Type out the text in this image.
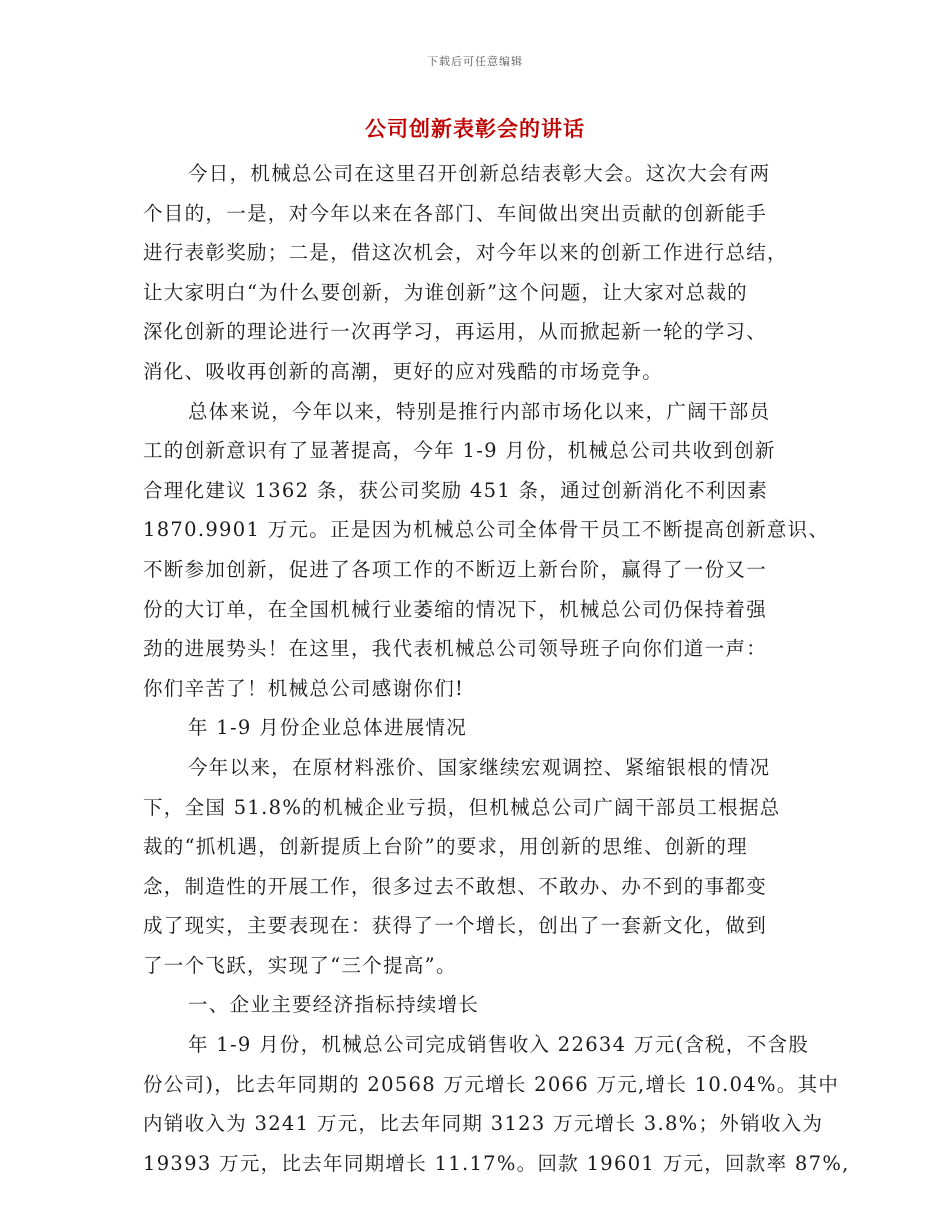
下载后可任意编辑
公司创新表彰会的讲话
今日，机械总公司在这里召开创新总结表彰大会。这次大会有两
个目的，一是，对今年以来在各部门、车间做出突出贡献的创新能手
进行表彰奖励；二是，借这次机会，对今年以来的创新工作进行总结，
让大家明白“为什么要创新，为谁创新”这个问题，让大家对总裁的
深化创新的理论进行一次再学习，再运用，从而掀起新一轮的学习、
消化、吸收再创新的高潮，更好的应对残酷的市场竞争。
总体来说，今年以来，特别是推行内部市场化以来，广阔干部员
工的创新意识有了显著提高，今年 1-9 月份，机械总公司共收到创新
合理化建议 1362 条，获公司奖励 451 条，通过创新消化不利因素
1870.9901 万元。正是因为机械总公司全体骨干员工不断提高创新意识、
不断参加创新，促进了各项工作的不断迈上新台阶，赢得了一份又一
份的大订单，在全国机械行业萎缩的情况下，机械总公司仍保持着强
劲的进展势头！在这里，我代表机械总公司领导班子向你们道一声：
你们辛苦了！机械总公司感谢你们!
年 1-9 月份企业总体进展情况
今年以来，在原材料涨价、国家继续宏观调控、紧缩银根的情况
下，全国 51.8%的机械企业亏损，但机械总公司广阔干部员工根据总
裁的“抓机遇，创新提质上台阶”的要求，用创新的思维、创新的理
念，制造性的开展工作，很多过去不敢想、不敢办、办不到的事都变
成了现实，主要表现在：获得了一个增长，创出了一套新文化，做到
了一个飞跃，实现了“三个提高”。
一、企业主要经济指标持续增长
年 1-9 月份，机械总公司完成销售收入 22634 万元(含税，不含股
份公司)，比去年同期的 20568 万元增长 2066 万元,增长 10.04%。其中
内销收入为 3241 万元，比去年同期 3123 万元增长 3.8%；外销收入为
19393 万元，比去年同期增长 11.17%。回款 19601 万元，回款率 87%,
